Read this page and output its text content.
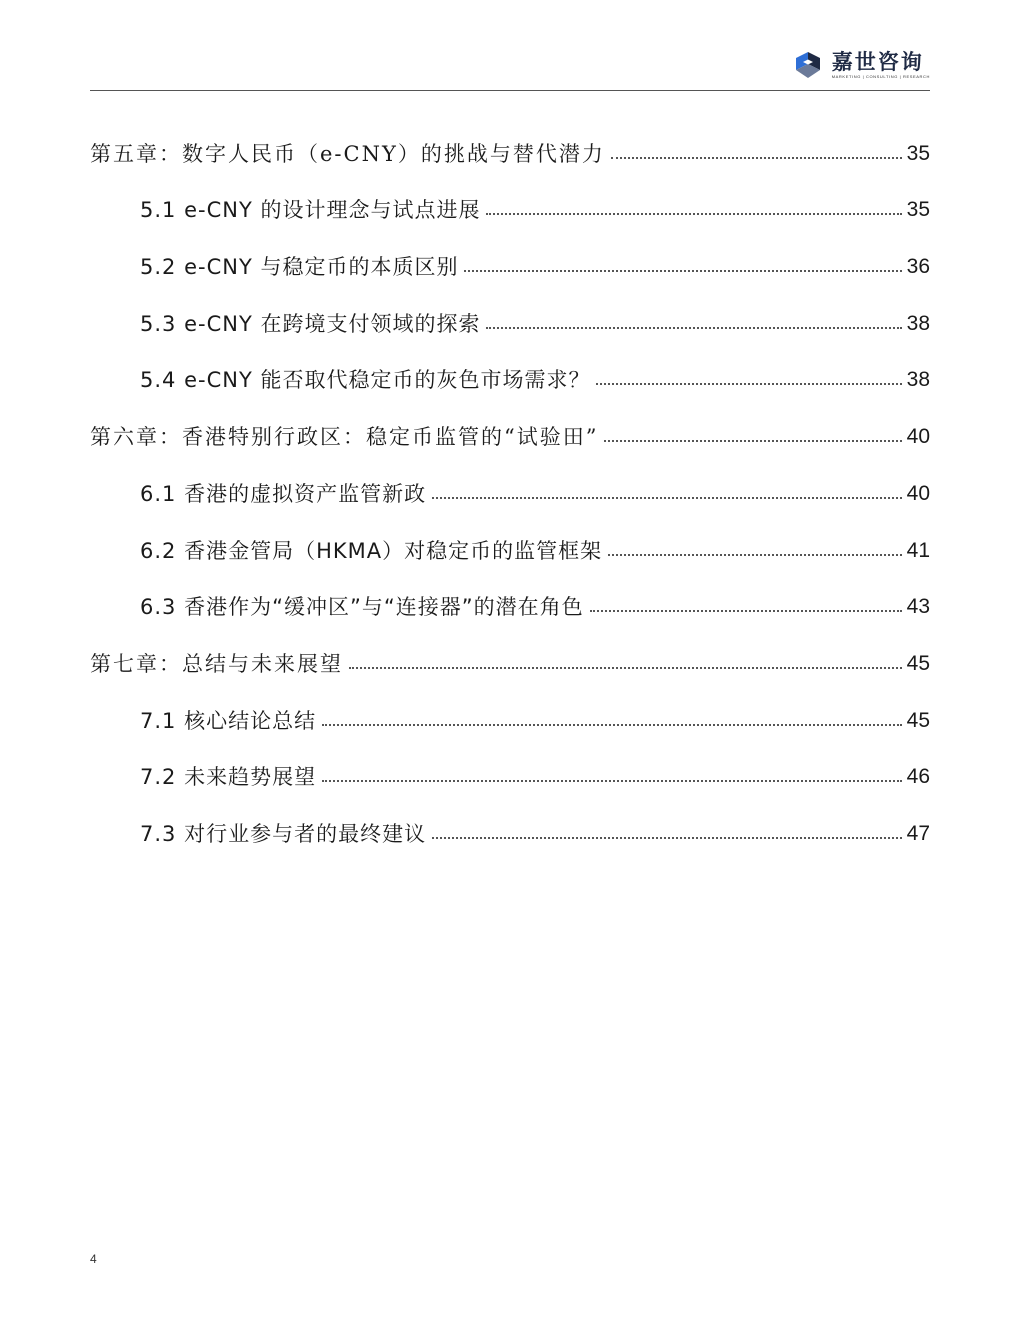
嘉世咨询
MARKETING | CONSULTING | RESEARCH
第五章：数字人民币（e-CNY）的挑战与替代潜力	35
5.1 e-CNY 的设计理念与试点进展	35
5.2 e-CNY 与稳定币的本质区别	36
5.3 e-CNY 在跨境支付领域的探索	38
5.4 e-CNY 能否取代稳定币的灰色市场需求？	38
第六章：香港特别行政区：稳定币监管的“试验田”	40
6.1 香港的虚拟资产监管新政	40
6.2 香港金管局（HKMA）对稳定币的监管框架	41
6.3 香港作为“缓冲区”与“连接器”的潜在角色	43
第七章：总结与未来展望	45
7.1 核心结论总结	45
7.2 未来趋势展望	46
7.3 对行业参与者的最终建议	47
4
